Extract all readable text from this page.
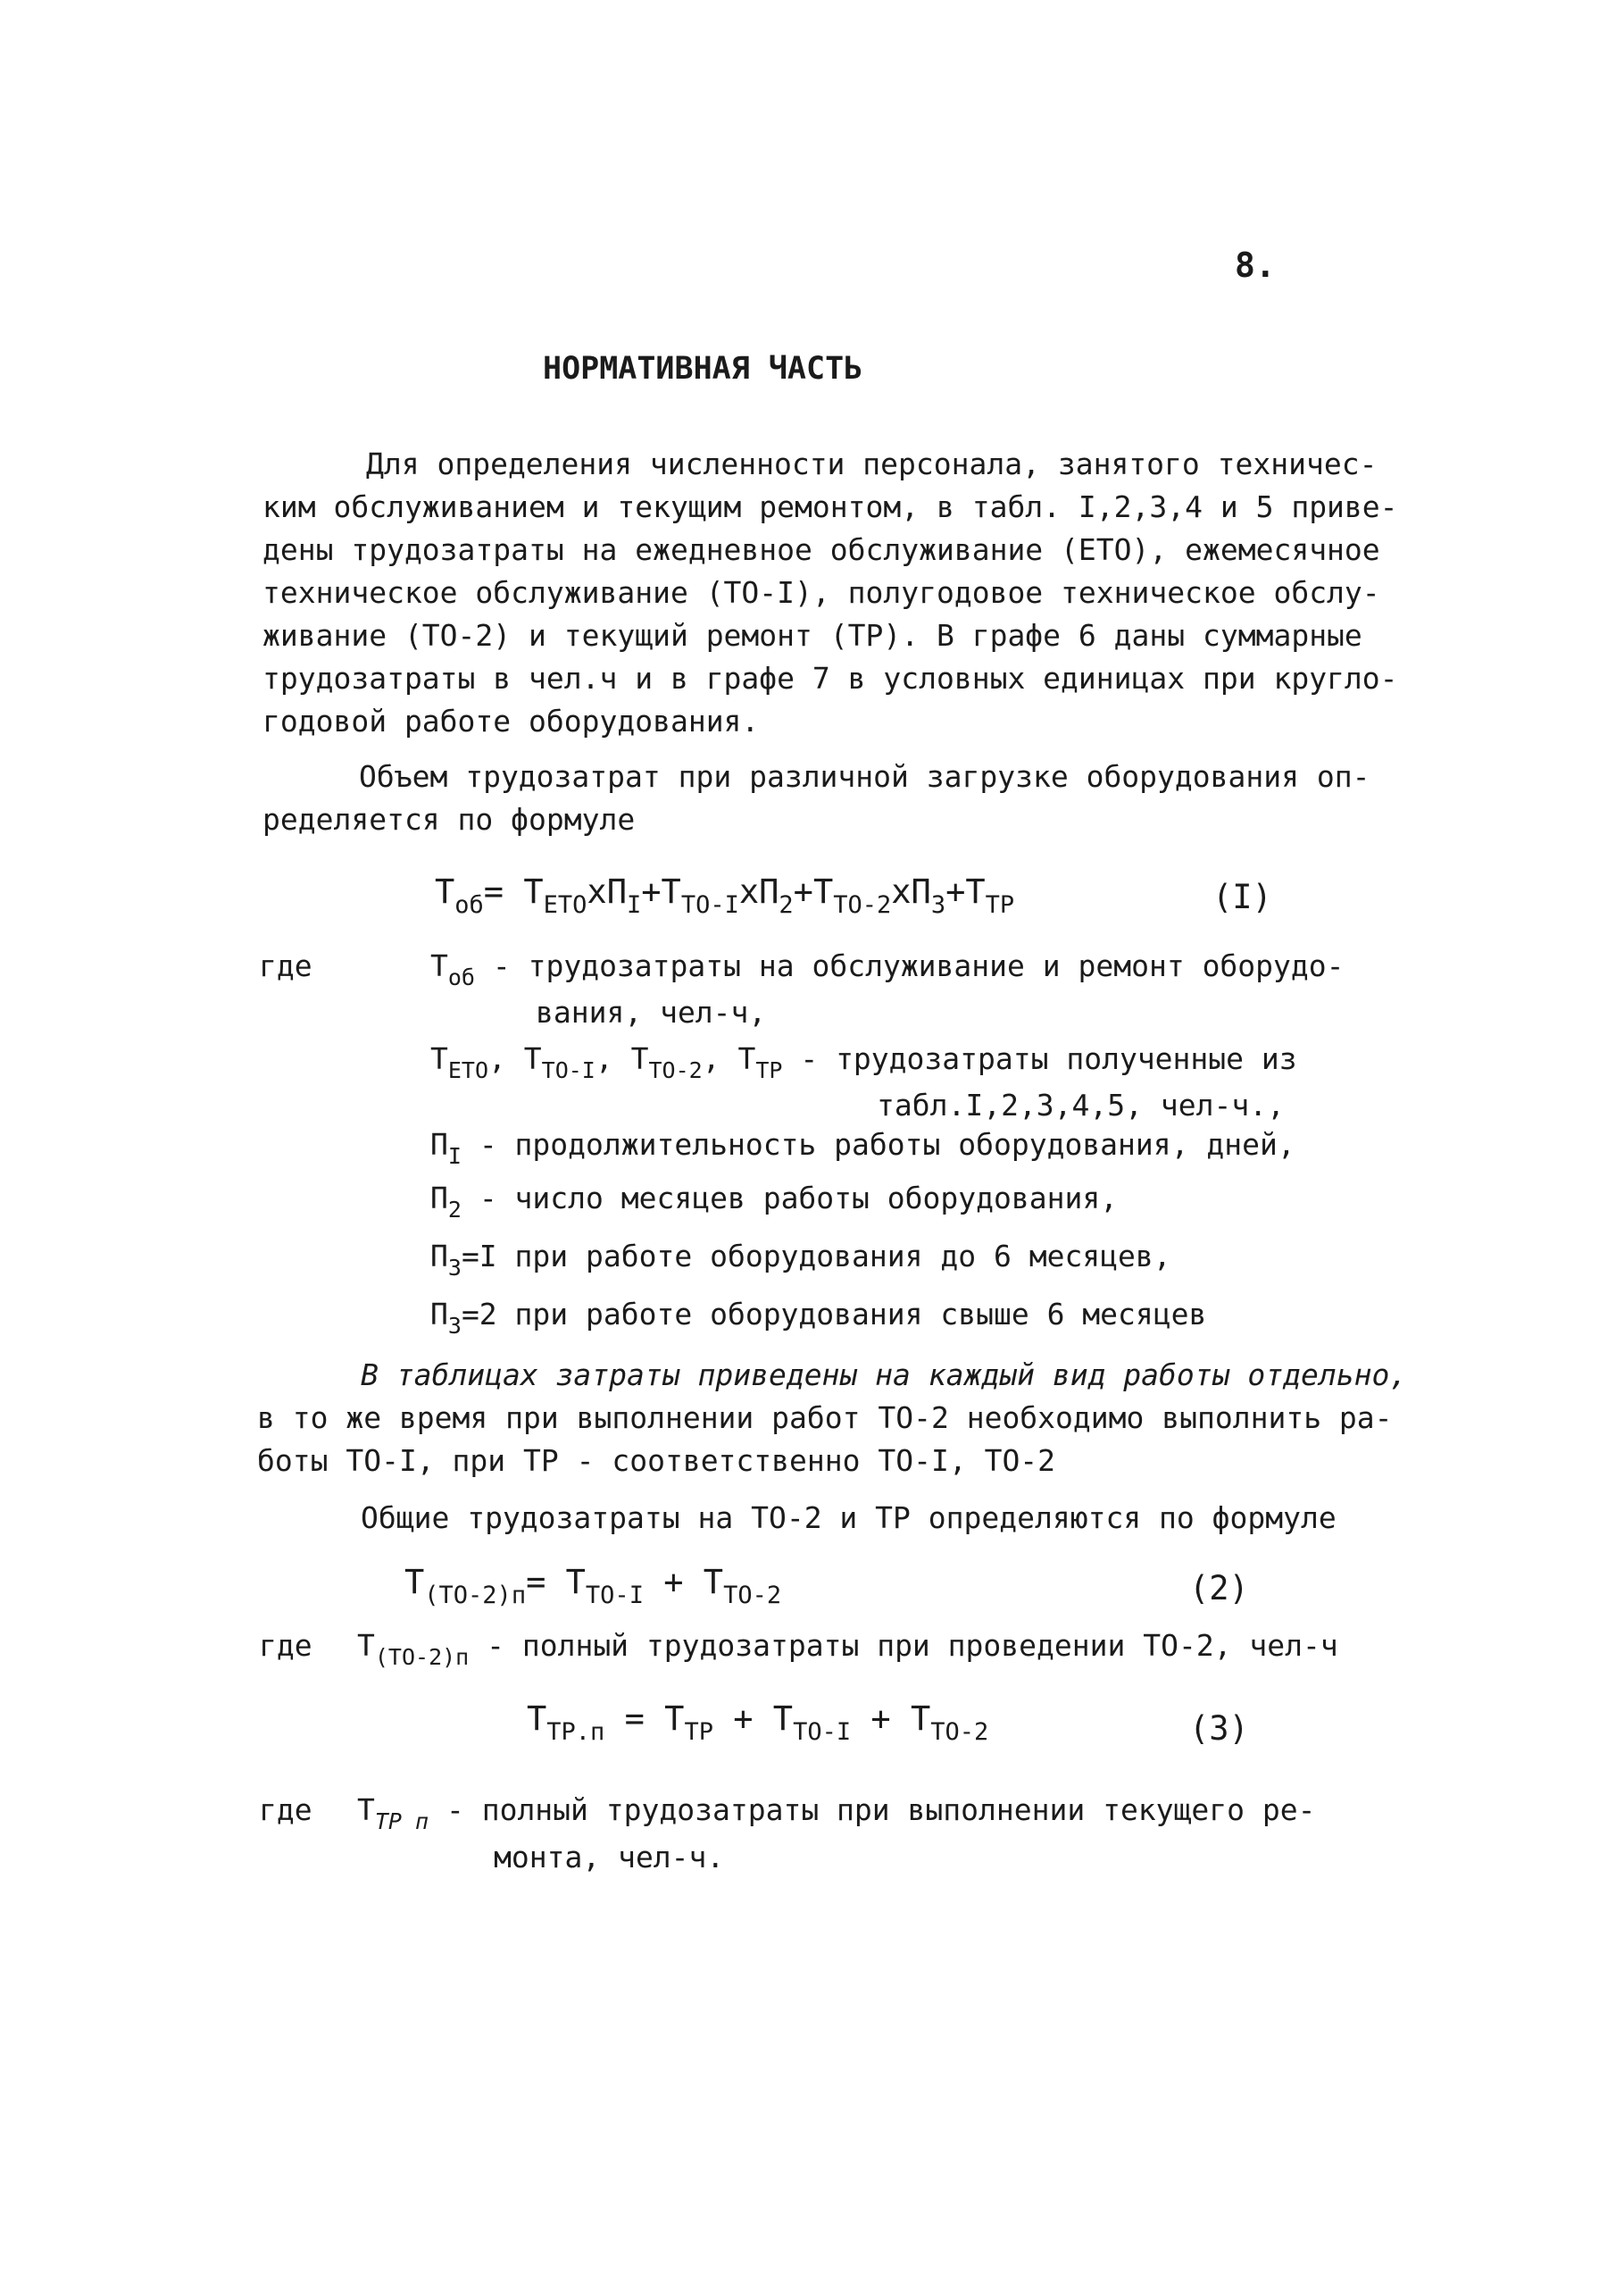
8.
НОРМАТИВНАЯ ЧАСТЬ
Для определения численности персонала, занятого техничес-
ким обслуживанием и текущим ремонтом, в табл. I,2,3,4 и 5 приве-
дены трудозатраты на ежедневное обслуживание (ЕТО), ежемесячное
техническое обслуживание (ТО-I), полугодовое техническое обслу-
живание (ТО-2) и текущий ремонт (ТР). В графе 6 даны суммарные
трудозатраты в чел.ч и в графе 7 в условных единицах при кругло-
годовой работе оборудования.
Объем трудозатрат при различной загрузке оборудования оп-
ределяется по формуле
$Т_{об}= Т_{ЕТО}хП_I+Т_{ТО-I}хП_2+Т_{ТО-2}хП_3+Т_{ТР}$	(I)
где	$Т_{об}$ - трудозатраты на обслуживание и ремонт оборудо-
вания, чел-ч,
$Т_{ЕТО}$, $Т_{ТО-I}$, $Т_{ТО-2}$, $Т_{ТР}$ - трудозатраты полученные из
табл.I,2,3,4,5, чел-ч.,
$П_I$ - продолжительность работы оборудования, дней,
$П_2$ - число месяцев работы оборудования,
$П_3=I$ при работе оборудования до 6 месяцев,
$П_3=2$ при работе оборудования свыше 6 месяцев
В таблицах затраты приведены на каждый вид работы отдельно,
в то же время при выполнении работ ТО-2 необходимо выполнить ра-
боты ТО-I, при ТР - соответственно ТО-I, ТО-2
Общие трудозатраты на ТО-2 и ТР определяются по формуле
$Т_{(ТО-2)п}= Т_{ТО-I} + Т_{ТО-2}$	(2)
где $Т_{(ТО-2)п}$ - полный трудозатраты при проведении ТО-2, чел-ч
$Т_{ТР.п} = Т_{ТР} + Т_{ТО-I} + Т_{ТО-2}$	(3)
где $Т_{ТР п}$ - полный трудозатраты при выполнении текущего ре-
монта, чел-ч.
